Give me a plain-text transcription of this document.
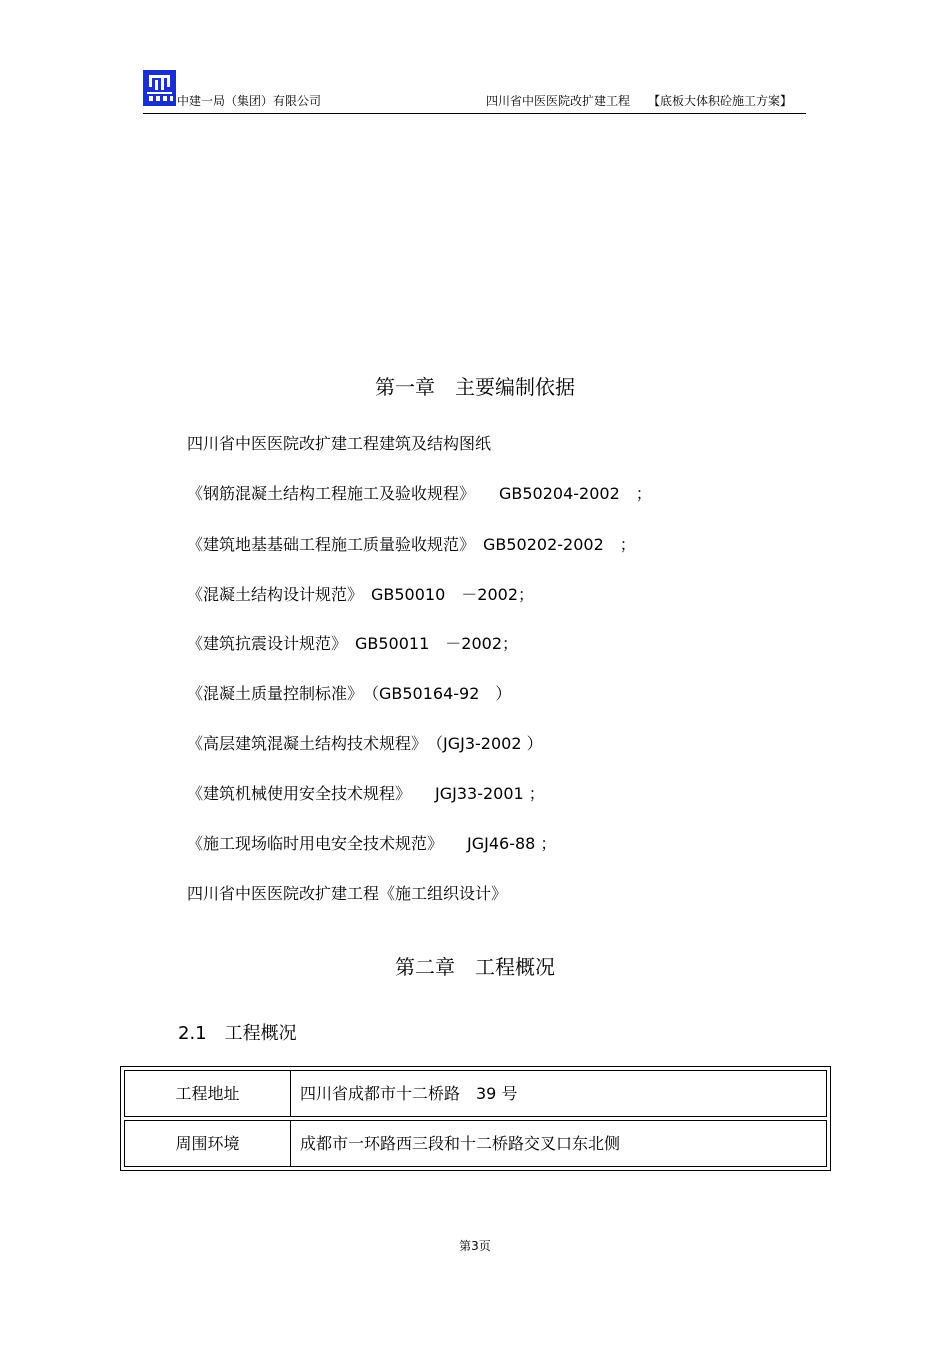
中建一局（集团）有限公司	四川省中医医院改扩建工程 【底板大体积砼施工方案】
第一章　主要编制依据
四川省中医医院改扩建工程建筑及结构图纸
《钢筋混凝土结构工程施工及验收规程》　　GB50204-2002　；
《建筑地基基础工程施工质量验收规范》　GB50202-2002　；
《混凝土结构设计规范》　GB50010　－2002；
《建筑抗震设计规范》　GB50011　－2002；
《混凝土质量控制标准》　（GB50164-92　）
《高层建筑混凝土结构技术规程》　（JGJ3-2002 ）
《建筑机械使用安全技术规程》　　JGJ33-2001 ；
《施工现场临时用电安全技术规范》　　JGJ46-88 ；
四川省中医医院改扩建工程《施工组织设计》
第二章　工程概况
2.1　工程概况
工程地址	四川省成都市十二桥路　39 号
周围环境	成都市一环路西三段和十二桥路交叉口东北侧
第3页
